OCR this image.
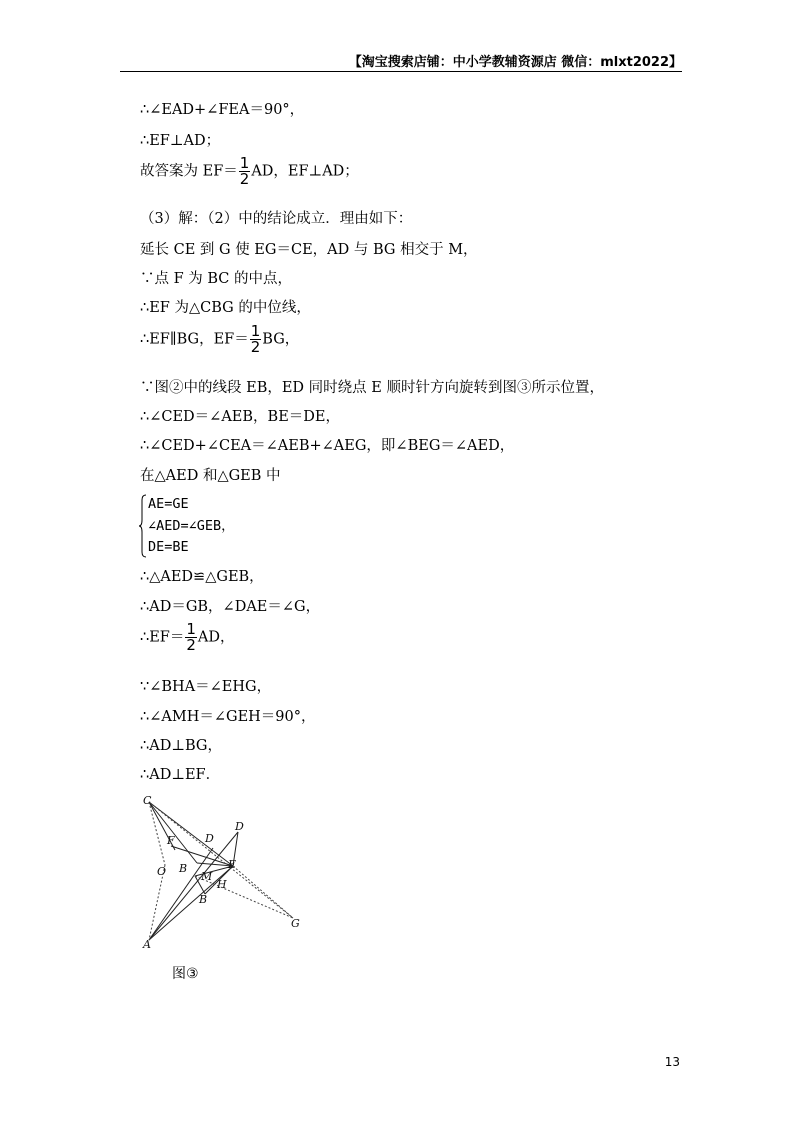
【淘宝搜索店铺：中小学教辅资源店 微信：mlxt2022】
∴∠EAD+∠FEA＝90°，
∴EF⊥AD；
故答案为 $EF= \frac{1}{2}$ AD，EF⊥AD；
（3）解：（2）中的结论成立．理由如下：
延长 CE 到 G 使 EG＝CE，AD 与 BG 相交于 M，
∵点 F 为 BC 的中点，
∴EF 为△CBG 的中位线，
∴EF∥BG，$EF= \frac{1}{2}$ BG，
∵图②中的线段 EB，ED 同时绕点 E 顺时针方向旋转到图③所示位置，
∴∠CED＝∠AEB，BE＝DE，
∴∠CED+∠CEA＝∠AEB+∠AEG，即∠BEG＝∠AED，
在△AED 和△GEB 中
AE=GE
∠AED=∠GEB，
DE=BE
∴△AED≌△GEB，
∴AD＝GB，∠DAE＝∠G，
∴EF＝ $\frac{1}{2}$ AD，
∵∠BHA＝∠EHG，
∴∠AMH＝∠GEH＝90°，
∴AD⊥BG，
∴AD⊥EF．
C
D
D
F
E
O B
M
H
B
G
A
图③
13
